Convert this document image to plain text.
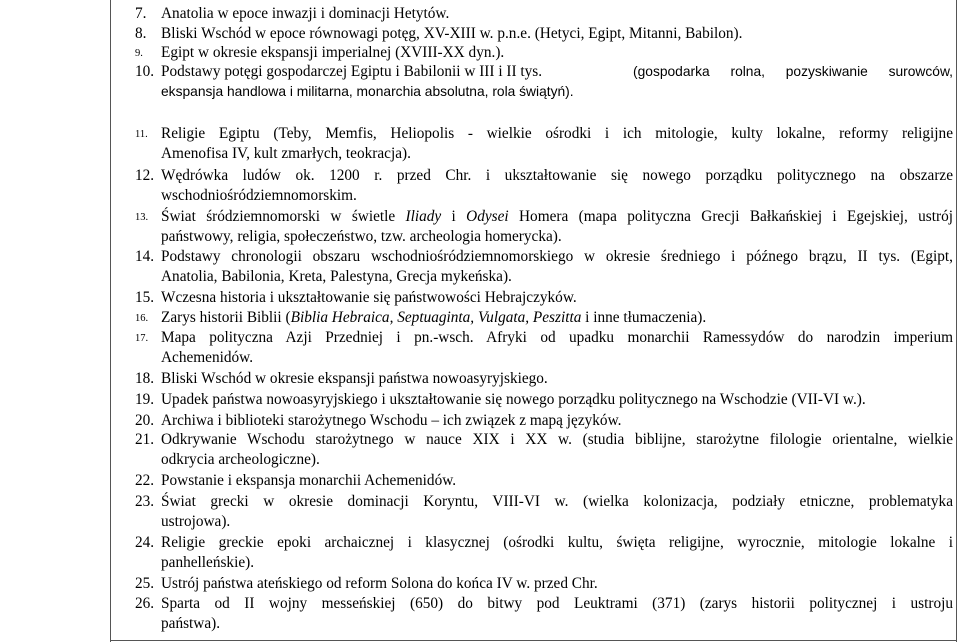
7. Anatolia w epoce inwazji i dominacji Hetytów.
8. Bliski Wschód w epoce równowagi potęg, XV-XIII w. p.n.e. (Hetyci, Egipt, Mitanni, Babilon).
9.	Egipt w okresie ekspansji imperialnej (XVIII-XX dyn.).
10. Podstawy potęgi gospodarczej Egiptu i Babilonii w III i II tys.	(gospodarka rolna, pozyskiwanie surowców,
ekspansja handlowa i militarna, monarchia absolutna, rola świątyń).
11. Religie Egiptu (Teby, Memfis, Heliopolis - wielkie ośrodki i ich mitologie, kulty lokalne, reformy religijne
Amenofisa IV, kult zmarłych, teokracja).
12. Wędrówka ludów ok. 1200 r. przed Chr. i ukształtowanie się nowego porządku politycznego na obszarze
wschodniośródziemnomorskim.
13. Świat śródziemnomorski w świetle Iliady i Odysei Homera (mapa polityczna Grecji Bałkańskiej i Egejskiej, ustrój
państwowy, religia, społeczeństwo, tzw. archeologia homerycka).
14. Podstawy chronologii obszaru wschodniośródziemnomorskiego w okresie średniego i późnego brązu, II tys. (Egipt,
Anatolia, Babilonia, Kreta, Palestyna, Grecja mykeńska).
15. Wczesna historia i ukształtowanie się państwowości Hebrajczyków.
16. Zarys historii Biblii (Biblia Hebraica, Septuaginta, Vulgata, Peszitta i inne tłumaczenia).
17. Mapa polityczna Azji Przedniej i pn.-wsch. Afryki od upadku monarchii Ramessydów do narodzin imperium
Achemenidów.
18. Bliski Wschód w okresie ekspansji państwa nowoasyryjskiego.
19. Upadek państwa nowoasyryjskiego i ukształtowanie się nowego porządku politycznego na Wschodzie (VII-VI w.).
20. Archiwa i biblioteki starożytnego Wschodu – ich związek z mapą języków.
21. Odkrywanie Wschodu starożytnego w nauce XIX i XX w. (studia biblijne, starożytne filologie orientalne, wielkie
odkrycia archeologiczne).
22. Powstanie i ekspansja monarchii Achemenidów.
23. Świat grecki w okresie dominacji Koryntu, VIII-VI w. (wielka kolonizacja, podziały etniczne, problematyka
ustrojowa).
24. Religie greckie epoki archaicznej i klasycznej (ośrodki kultu, święta religijne, wyrocznie, mitologie lokalne i
panhelleńskie).
25. Ustrój państwa ateńskiego od reform Solona do końca IV w. przed Chr.
26. Sparta od II wojny messeńskiej (650) do bitwy pod Leuktrami (371) (zarys historii politycznej i ustroju
państwa).
